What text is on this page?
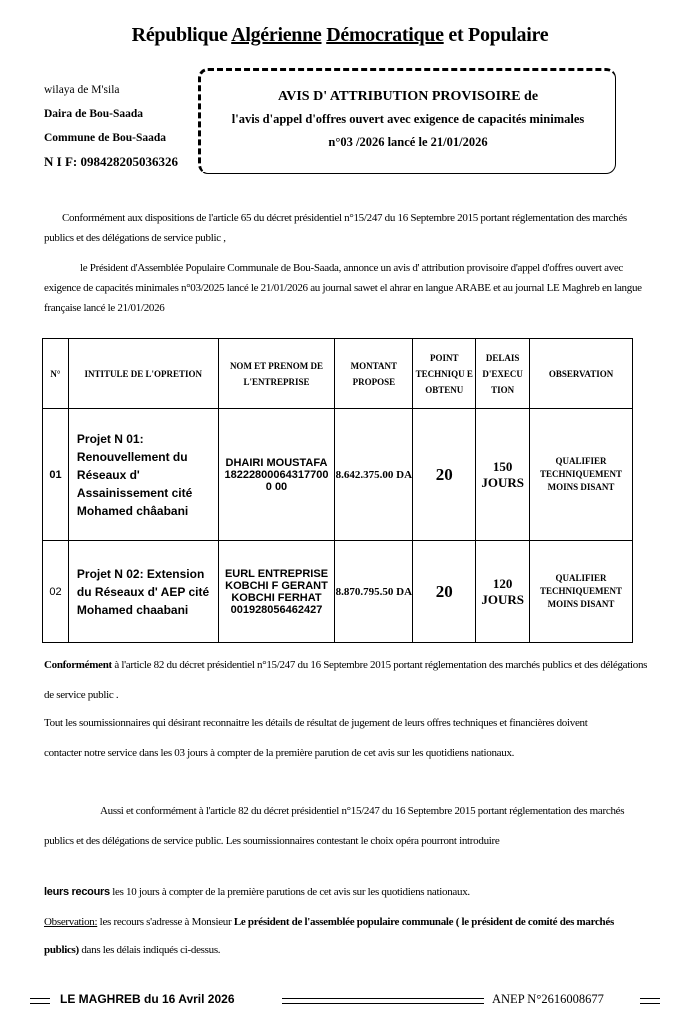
République Algérienne Démocratique et Populaire
wilaya de M'sila
Daira de Bou-Saada
Commune de Bou-Saada
N I F: 098428205036326
AVIS D' ATTRIBUTION PROVISOIRE de
l'avis d'appel d'offres ouvert avec exigence de capacités minimales
n°03 /2026 lancé le 21/01/2026
Conformément aux dispositions de l'article 65 du décret présidentiel n°15/247 du 16 Septembre 2015 portant réglementation des marchés publics et des délégations de service public ,
le Président d'Assemblée Populaire Communale de Bou-Saada, annonce un avis d' attribution provisoire d'appel d'offres ouvert avec exigence de capacités minimales n°03/2025 lancé le 21/01/2026 au journal sawet el ahrar en langue ARABE et au journal LE Maghreb en langue française lancé le 21/01/2026
N°	INTITULE DE L'OPRETION	NOM ET PRENOM DE L'ENTREPRISE	MONTANT PROPOSE	POINT TECHNIQU E OBTENU	DELAIS D'EXECU TION	OBSERVATION
01	Projet N 01: Renouvellement du Réseaux d' Assainissement cité Mohamed châabani	DHAIRI MOUSTAFA 182228000643177000 00	8.642.375.00 DA	20	150 JOURS	QUALIFIER TECHNIQUEMENT MOINS DISANT
02	Projet N 02: Extension du Réseaux d' AEP cité Mohamed chaabani	EURL ENTREPRISE KOBCHI F GERANT KOBCHI FERHAT 001928056462427	8.870.795.50 DA	20	120 JOURS	QUALIFIER TECHNIQUEMENT MOINS DISANT
Conformément à l'article 82 du décret présidentiel n°15/247 du 16 Septembre 2015 portant réglementation des marchés publics et des délégations de service public .
Tout les soumissionnaires qui désirant reconnaitre les détails de résultat de jugement de leurs offres techniques et financières doivent contacter notre service dans les 03 jours à compter de la première parution de cet avis sur les quotidiens nationaux.
Aussi et conformément à l'article 82 du décret présidentiel n°15/247 du 16 Septembre 2015 portant réglementation des marchés publics et des délégations de service public. Les soumissionnaires contestant le choix opéra pourront introduire
leurs recours les 10 jours à compter de la première parutions de cet avis sur les quotidiens nationaux.
Observation: les recours s'adresse à Monsieur Le président de l'assemblée populaire communale ( le président de comité des marchés publics) dans les délais indiqués ci-dessus.
LE MAGHREB du 16 Avril 2026	ANEP N°2616008677
